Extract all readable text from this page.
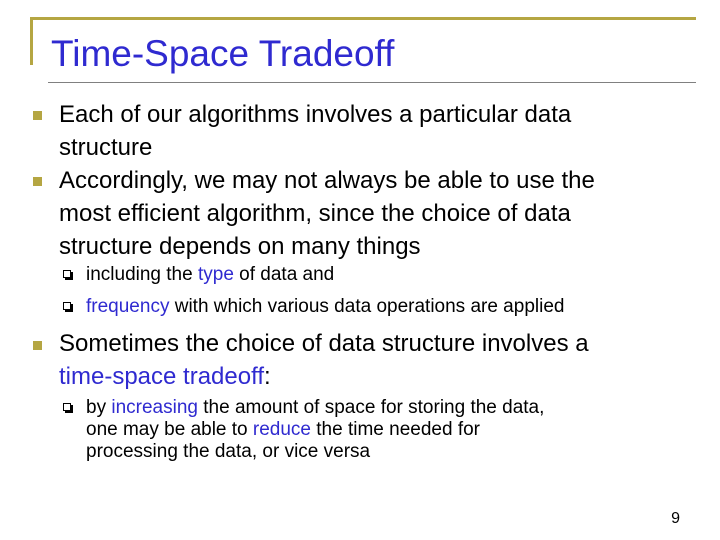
Time-Space Tradeoff
Each of our algorithms involves a particular data
structure
Accordingly, we may not always be able to use the
most efficient algorithm, since the choice of data
structure depends on many things
including the type of data and
frequency with which various data operations are applied
Sometimes the choice of data structure involves a
time-space tradeoff:
by increasing the amount of space for storing the data,
one may be able to reduce the time needed for
processing the data, or vice versa
9
